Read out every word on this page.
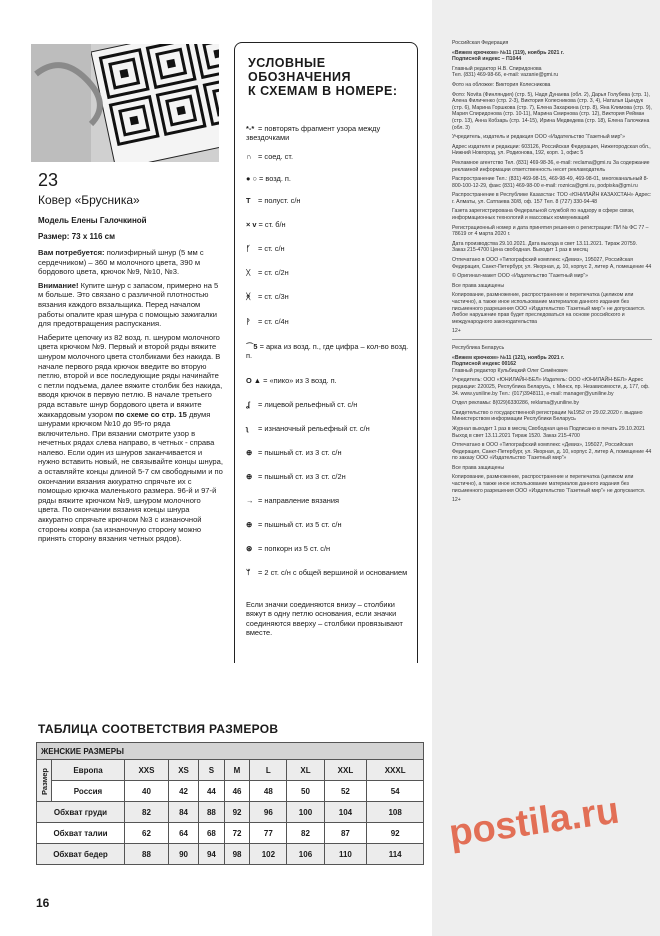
23
Ковер «Брусника»
Модель Елены Галочкиной
Размер: 73 x 116 см

Вам потребуется: полиэфирный шнур (5 мм с сердечником) – 360 м молочного цвета, 390 м бордового цвета, крючок №9, №10, №3.

Внимание! Купите шнур с запасом, примерно на 5 м больше. Это связано с различной плотностью вязания каждого вязальщика. Перед началом работы опалите края шнура с помощью зажигалки для предотвращения распускания.

Наберите цепочку из 82 возд. п. шнуром молочного цвета крючком №9. Первый и второй ряды вяжите шнуром молочного цвета столбиками без накида. В начале первого ряда крючок введите во вторую петлю, второй и все последующие ряды начинайте с петли подъема, далее вяжите столбик без накида, вводя крючок в первую петлю. В начале третьего ряда вставьте шнур бордового цвета и вяжите жаккардовым узором по схеме со стр. 15 двумя шнурами крючком №10 до 95-го ряда включительно. При вязании смотрите узор в нечетных рядах слева направо, в четных - справа налево. Если один из шнуров заканчивается и нужно вставить новый, не связывайте концы шнура, а оставляйте концы длиной 5-7 см свободными и по окончании вязания аккуратно спрячьте их с помощью крючка маленького размера. 96-й и 97-й ряды вяжите крючком №9, шнуром молочного цвета. По окончании вязания концы шнура аккуратно спрячьте крючком №3 с изнаночной стороны ковра (за изнаночную сторону можно принять сторону вязания четных рядов).

УСЛОВНЫЕ
ОБОЗНАЧЕНИЯ
К СХЕМАМ В НОМЕРЕ:
*-* = повторять фрагмент узора между звездочками
∩ = соед. ст.
● ○ = возд. п.
T = полуст. с/н
× v = ст. б/н
ᚶ = ст. с/н
ᚷ = ст. с/2н
ᚸ = ст. с/3н
ᚹ = ст. с/4н
⌒5 = арка из возд. п., где цифра – кол-во возд. п.
Ο ▲ = «пико» из 3 возд. п.
ʆ = лицевой рельефный ст. с/н
ʅ = изнаночный рельефный ст. с/н
⊕ = пышный ст. из 3 ст. с/н
⊕ = пышный ст. из 3 ст. с/2н
→ = направление вязания
⊕ = пышный ст. из 5 ст. с/н
⊛ = попкорн из 5 ст. с/н
ᛘ = 2 ст. с/н с общей вершиной и основанием
Если значки соединяются внизу – столбики вяжут в одну петлю основания, если значки соединяются вверху – столбики провязывают вместе.
ТАБЛИЦА СООТВЕТСТВИЯ РАЗМЕРОВ
ЖЕНСКИЕ РАЗМЕРЫ									
Размер	Европа	XXS	XS	S	M	L	XL	XXL	XXXL
	Россия	40	42	44	46	48	50	52	54
Обхват груди		82	84	88	92	96	100	104	108
Обхват талии		62	64	68	72	77	82	87	92
Обхват бедер		88	90	94	98	102	106	110	114
16

Российская Федерация

«Вяжем крючком» №11 (119), ноябрь 2021 г.

Подписной индекс – П1044

Главный редактор Н.В. Спиридонова

Тел. (831) 469-98-66, e-mail: vazanie@gmi.ru

Фото на обложке: Виктория Колесникова

Фото: Novita (Финляндия) (стр. 5), Надя Дунаева (обл. 2), Дарья Голубева (стр. 1), Алена Филиченко (стр. 2-3), Виктория Колесникова (стр. 3, 4), Наталья Цындук (стр. 6), Марина Горшкова (стр. 7), Елена Захаркина (стр. 8), Яна Климова (стр. 9), Мария Спиридонова (стр. 10-11), Марина Смирнова (стр. 12), Виктория Рейман (стр. 13), Анна Кобзарь (стр. 14-15), Ирина Медведева (стр. 18), Елена Галочкина (обл. 3)

Учредитель, издатель и редакция ООО «Издательство “Газетный мир”»

Адрес издателя и редакции: 603126, Российская Федерация, Нижегородская обл., Нижний Новгород, ул. Родионова, 192, корп. 1, офис 5

Рекламное агентство Тел. (831) 469-98-36, e-mail: reclama@gmi.ru За содержание рекламной информации ответственность несет рекламодатель

Распространение Тел.: (831) 469-98-15, 469-98-49, 469-98-01, многоканальный 8-800-100-12-29, факс (831) 469-98-00 e-mail: roznica@gmi.ru, podpiska@gmi.ru

Распространение в Республике Казахстан: ТОО «ЮНИЛАЙН КАЗАХСТАН» Адрес: г. Алматы, ул. Сатпаева 30/8, оф. 157 Тел. 8 (727) 330-94-48

Газета зарегистрирована Федеральной службой по надзору в сфере связи, информационных технологий и массовых коммуникаций

Регистрационный номер и дата принятия решения о регистрации: ПИ № ФС 77 – 78619 от 4 марта 2020 г.

Дата производства 29.10.2021. Дата выхода в свет 13.11.2021. Тираж 20759. Заказ 215-4700 Цена свободная. Выходит 1 раз в месяц

Отпечатано в ООО «Типографский комплекс «Девиз», 195027, Российская Федерация, Санкт-Петербург, ул. Якорная, д. 10, корпус 2, литер А, помещение 44

© Оригинал-макет ООО «Издательство “Газетный мир”»

Все права защищены

Копирование, размножение, распространение и перепечатка (целиком или частично), а также иное использование материалов данного издания без письменного разрешения ООО «Издательство “Газетный мир”» не допускается. Любое нарушение прав будет преследоваться на основе российского и международного законодательства

12+

Республика Беларусь

«Вяжем крючком» №11 (121), ноябрь 2021 г.

Подписной индекс 00162

Главный редактор Кульбицкий Олег Семёнович

Учредитель: ООО «ЮНИЛАЙН-БЕЛ» Издатель: ООО «ЮНИЛАЙН-БЕЛ» Адрес редакции: 220025, Республика Беларусь, г. Минск, пр. Независимости, д. 177, оф. 34. www.yuniline.by Тел.: (017)3948111, e-mail: manager@yuniline.by

Отдел рекламы: 8(029)6330286, reklama@yuniline.by

Свидетельство о государственной регистрации №1952 от 29.02.2020 г. выдано Министерством информации Республики Беларусь

Журнал выходит 1 раз в месяц Свободная цена Подписано в печать 29.10.2021 Выход в свет 13.11.2021 Тираж 1520. Заказ 215-4700

Отпечатано в ООО «Типографский комплекс «Девиз», 195027, Российская Федерация, Санкт-Петербург, ул. Якорная, д. 10, корпус 2, литер А, помещение 44 по заказу ООО «Издательство “Газетный мир”»

Все права защищены

Копирование, размножение, распространение и перепечатка (целиком или частично), а также иное использование материалов данного издания без письменного разрешения ООО «Издательство “Газетный мир”» не допускается.

12+

postila.ru
